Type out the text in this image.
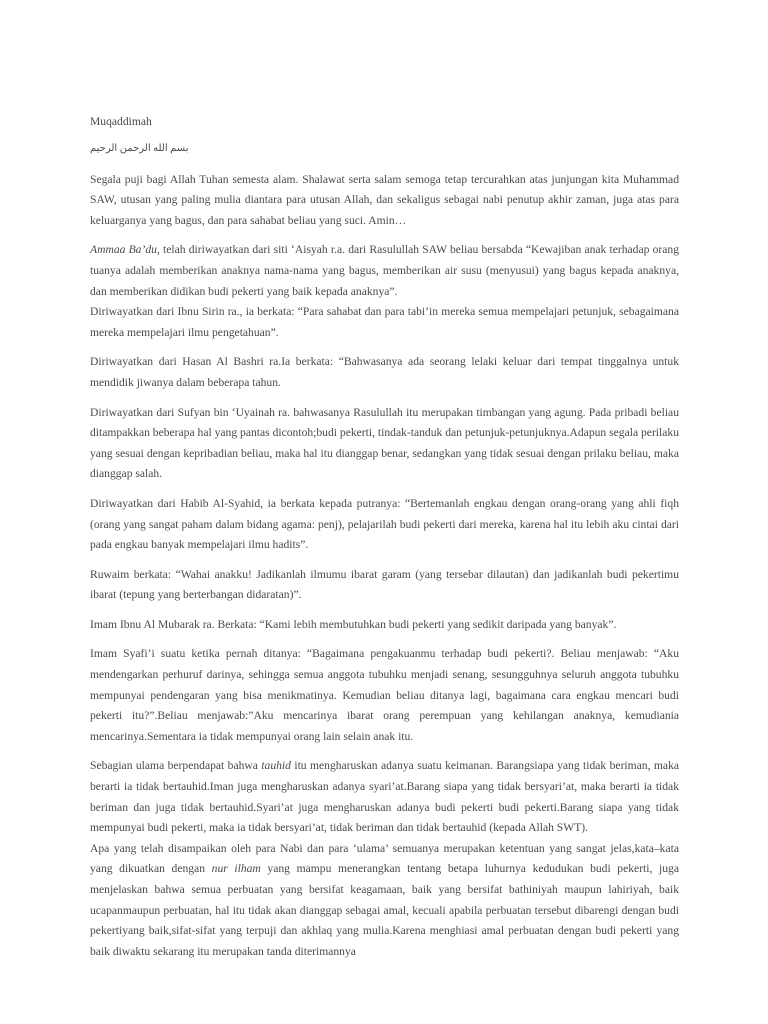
Muqaddimah

بسم الله الرحمن الرحيم

Segala puji bagi Allah Tuhan semesta alam. Shalawat serta salam semoga tetap tercurahkan atas junjungan kita Muhammad SAW, utusan yang paling mulia diantara para utusan Allah, dan sekaligus sebagai nabi penutup akhir zaman, juga atas para keluarganya yang bagus, dan para sahabat beliau yang suci. Amin…

Ammaa Ba’du, telah diriwayatkan dari siti ‘Aisyah r.a. dari Rasulullah SAW beliau bersabda “Kewajiban anak terhadap orang tuanya adalah memberikan anaknya nama-nama yang bagus, memberikan air susu (menyusui) yang bagus kepada anaknya, dan memberikan didikan budi pekerti yang baik kepada anaknya”.

Diriwayatkan dari Ibnu Sirin ra., ia berkata: “Para sahabat dan para tabi’in mereka semua mempelajari petunjuk, sebagaimana mereka mempelajari ilmu pengetahuan”.

Diriwayatkan dari Hasan Al Bashri ra.Ia berkata: “Bahwasanya ada seorang lelaki keluar dari tempat tinggalnya untuk mendidik jiwanya dalam beberapa tahun.

Diriwayatkan dari Sufyan bin ‘Uyainah ra. bahwasanya Rasulullah itu merupakan timbangan yang agung. Pada pribadi beliau ditampakkan beberapa hal yang pantas dicontoh;budi pekerti, tindak-tanduk dan petunjuk-petunjuknya.Adapun segala perilaku yang sesuai dengan kepribadian beliau, maka hal itu dianggap benar, sedangkan yang tidak sesuai dengan prilaku beliau, maka dianggap salah.

Diriwayatkan dari Habib Al-Syahid, ia berkata kepada putranya: “Bertemanlah engkau dengan orang-orang yang ahli fiqh (orang yang sangat paham dalam bidang agama: penj), pelajarilah budi pekerti dari mereka, karena hal itu lebih aku cintai dari pada engkau banyak mempelajari ilmu hadits”.

Ruwaim berkata: “Wahai anakku! Jadikanlah ilmumu ibarat garam (yang tersebar dilautan) dan jadikanlah budi pekertimu ibarat (tepung yang berterbangan didaratan)”.

Imam Ibnu Al Mubarak ra. Berkata: “Kami lebih membutuhkan budi pekerti yang sedikit daripada yang banyak”.

Imam Syafi’i suatu ketika pernah ditanya: “Bagaimana pengakuanmu terhadap budi pekerti?. Beliau menjawab: “Aku mendengarkan perhuruf darinya, sehingga semua anggota tubuhku menjadi senang, sesungguhnya seluruh anggota tubuhku mempunyai pendengaran yang bisa menikmatinya. Kemudian beliau ditanya lagi, bagaimana cara engkau mencari budi pekerti itu?”.Beliau menjawab:”Aku mencarinya ibarat orang perempuan yang kehilangan anaknya, kemudiania mencarinya.Sementara ia tidak mempunyai orang lain selain anak itu.

Sebagian ulama berpendapat bahwa tauhid itu mengharuskan adanya suatu keimanan. Barangsiapa yang tidak beriman, maka berarti ia tidak bertauhid.Iman juga mengharuskan adanya syari’at.Barang siapa yang tidak bersyari’at, maka berarti ia tidak beriman dan juga tidak bertauhid.Syari’at juga mengharuskan adanya budi pekerti budi pekerti.Barang siapa yang tidak mempunyai budi pekerti, maka ia tidak bersyari’at, tidak beriman dan tidak bertauhid (kepada Allah SWT).

Apa yang telah disampaikan oleh para Nabi dan para ‘ulama’ semuanya merupakan ketentuan yang sangat jelas,kata–kata yang dikuatkan dengan nur ilham yang mampu menerangkan tentang betapa luhurnya kedudukan budi pekerti, juga menjelaskan bahwa semua perbuatan yang bersifat keagamaan, baik yang bersifat bathiniyah maupun lahiriyah, baik ucapanmaupun perbuatan, hal itu tidak akan dianggap sebagai amal, kecuali apabila perbuatan tersebut dibarengi dengan budi pekertiyang baik,sifat-sifat yang terpuji dan akhlaq yang mulia.Karena menghiasi amal perbuatan dengan budi pekerti yang baik diwaktu sekarang itu merupakan tanda diterimannya
